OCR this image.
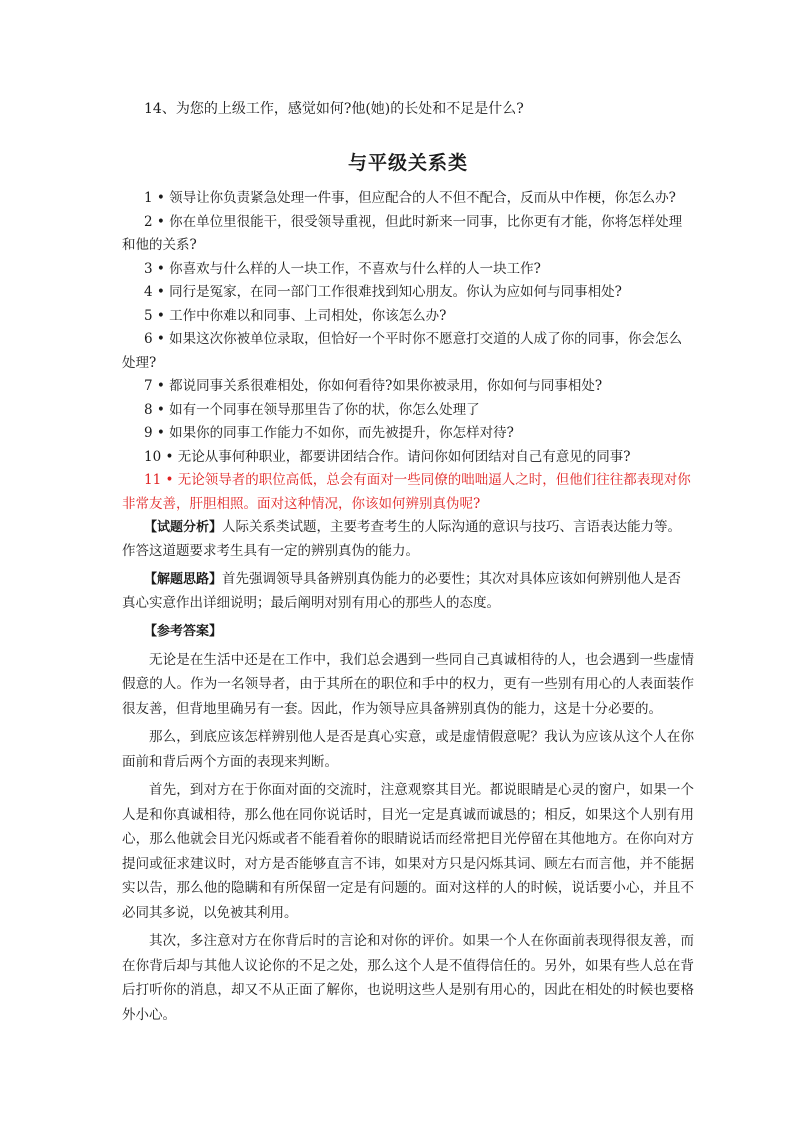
14、为您的上级工作，感觉如何?他(她)的长处和不足是什么?

与平级关系类
1 • 领导让你负责紧急处理一件事，但应配合的人不但不配合，反而从中作梗，你怎么办?
2 • 你在单位里很能干，很受领导重视，但此时新来一同事，比你更有才能，你将怎样处理和他的关系?
3 • 你喜欢与什么样的人一块工作，不喜欢与什么样的人一块工作?
4 • 同行是冤家，在同一部门工作很难找到知心朋友。你认为应如何与同事相处?
5 • 工作中你难以和同事、上司相处，你该怎么办?
6 • 如果这次你被单位录取，但恰好一个平时你不愿意打交道的人成了你的同事，你会怎么处理?
7 • 都说同事关系很难相处，你如何看待?如果你被录用，你如何与同事相处?
8 • 如有一个同事在领导那里告了你的状，你怎么处理了
9 • 如果你的同事工作能力不如你，而先被提升，你怎样对待?
10 • 无论从事何种职业，都要讲团结合作。请问你如何团结对自己有意见的同事?
11 • 无论领导者的职位高低，总会有面对一些同僚的咄咄逼人之时，但他们往往都表现对你非常友善，肝胆相照。面对这种情况，你该如何辨别真伪呢?

【试题分析】人际关系类试题，主要考查考生的人际沟通的意识与技巧、言语表达能力等。作答这道题要求考生具有一定的辨别真伪的能力。

【解题思路】首先强调领导具备辨别真伪能力的必要性；其次对具体应该如何辨别他人是否真心实意作出详细说明；最后阐明对别有用心的那些人的态度。

【参考答案】

无论是在生活中还是在工作中，我们总会遇到一些同自己真诚相待的人，也会遇到一些虚情假意的人。作为一名领导者，由于其所在的职位和手中的权力，更有一些别有用心的人表面装作很友善，但背地里确另有一套。因此，作为领导应具备辨别真伪的能力，这是十分必要的。

那么，到底应该怎样辨别他人是否是真心实意，或是虚情假意呢？我认为应该从这个人在你面前和背后两个方面的表现来判断。

首先，到对方在于你面对面的交流时，注意观察其目光。都说眼睛是心灵的窗户，如果一个人是和你真诚相待，那么他在同你说话时，目光一定是真诚而诚恳的；相反，如果这个人别有用心，那么他就会目光闪烁或者不能看着你的眼睛说话而经常把目光停留在其他地方。在你向对方提问或征求建议时，对方是否能够直言不讳，如果对方只是闪烁其词、顾左右而言他，并不能据实以告，那么他的隐瞒和有所保留一定是有问题的。面对这样的人的时候，说话要小心，并且不必同其多说，以免被其利用。

其次，多注意对方在你背后时的言论和对你的评价。如果一个人在你面前表现得很友善，而在你背后却与其他人议论你的不足之处，那么这个人是不值得信任的。另外，如果有些人总在背后打听你的消息，却又不从正面了解你，也说明这些人是别有用心的，因此在相处的时候也要格外小心。
